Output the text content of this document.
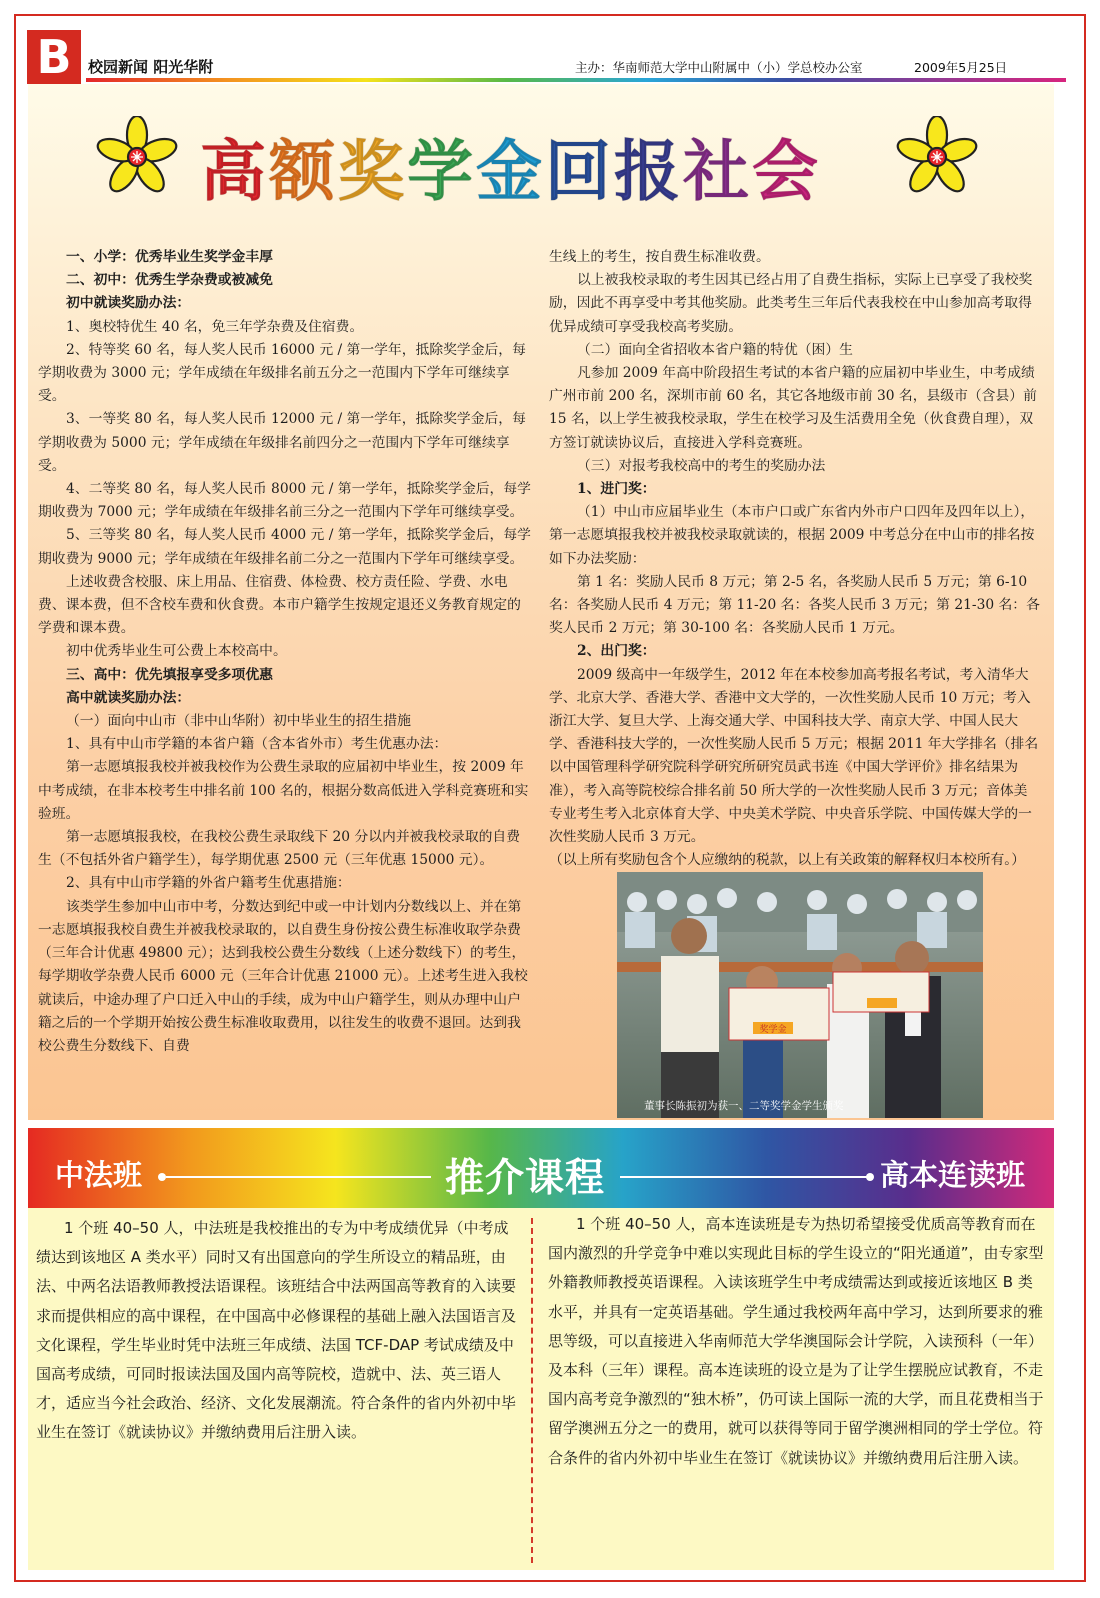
B	校园新闻 阳光华附	主办：华南师范大学中山附属中（小）学总校办公室	2009年5月25日
高额奖学金回报社会

一、小学：优秀毕业生奖学金丰厚

二、初中：优秀生学杂费或被减免

初中就读奖励办法：

1、奥校特优生 40 名，免三年学杂费及住宿费。

2、特等奖 60 名，每人奖人民币 16000 元 / 第一学年，抵除奖学金后，每学期收费为 3000 元；学年成绩在年级排名前五分之一范围内下学年可继续享受。

3、一等奖 80 名，每人奖人民币 12000 元 / 第一学年，抵除奖学金后，每学期收费为 5000 元；学年成绩在年级排名前四分之一范围内下学年可继续享受。

4、二等奖 80 名，每人奖人民币 8000 元 / 第一学年，抵除奖学金后，每学期收费为 7000 元；学年成绩在年级排名前三分之一范围内下学年可继续享受。

5、三等奖 80 名，每人奖人民币 4000 元 / 第一学年，抵除奖学金后，每学期收费为 9000 元；学年成绩在年级排名前二分之一范围内下学年可继续享受。

上述收费含校服、床上用品、住宿费、体检费、校方责任险、学费、水电费、课本费，但不含校车费和伙食费。本市户籍学生按规定退还义务教育规定的学费和课本费。

初中优秀毕业生可公费上本校高中。

三、高中：优先填报享受多项优惠

高中就读奖励办法：

（一）面向中山市（非中山华附）初中毕业生的招生措施

1、具有中山市学籍的本省户籍（含本省外市）考生优惠办法：

第一志愿填报我校并被我校作为公费生录取的应届初中毕业生，按 2009 年中考成绩，在非本校考生中排名前 100 名的，根据分数高低进入学科竞赛班和实验班。

第一志愿填报我校，在我校公费生录取线下 20 分以内并被我校录取的自费生（不包括外省户籍学生），每学期优惠 2500 元（三年优惠 15000 元）。

2、具有中山市学籍的外省户籍考生优惠措施：

该类学生参加中山市中考，分数达到纪中或一中计划内分数线以上、并在第一志愿填报我校自费生并被我校录取的，以自费生身份按公费生标准收取学杂费（三年合计优惠 49800 元）；达到我校公费生分数线（上述分数线下）的考生，每学期收学杂费人民币 6000 元（三年合计优惠 21000 元）。上述考生进入我校就读后，中途办理了户口迁入中山的手续，成为中山户籍学生，则从办理中山户籍之后的一个学期开始按公费生标准收取费用，以往发生的收费不退回。达到我校公费生分数线下、自费

生线上的考生，按自费生标准收费。

以上被我校录取的考生因其已经占用了自费生指标，实际上已享受了我校奖励，因此不再享受中考其他奖励。此类考生三年后代表我校在中山参加高考取得优异成绩可享受我校高考奖励。

（二）面向全省招收本省户籍的特优（困）生

凡参加 2009 年高中阶段招生考试的本省户籍的应届初中毕业生，中考成绩广州市前 200 名，深圳市前 60 名，其它各地级市前 30 名，县级市（含县）前 15 名，以上学生被我校录取，学生在校学习及生活费用全免（伙食费自理），双方签订就读协议后，直接进入学科竞赛班。

（三）对报考我校高中的考生的奖励办法

1、进门奖：

（1）中山市应届毕业生（本市户口或广东省内外市户口四年及四年以上），第一志愿填报我校并被我校录取就读的，根据 2009 中考总分在中山市的排名按如下办法奖励：

第 1 名：奖励人民币 8 万元；第 2-5 名，各奖励人民币 5 万元；第 6-10 名：各奖励人民币 4 万元；第 11-20 名：各奖人民币 3 万元；第 21-30 名：各奖人民币 2 万元；第 30-100 名：各奖励人民币 1 万元。

2、出门奖：

2009 级高中一年级学生，2012 年在本校参加高考报名考试，考入清华大学、北京大学、香港大学、香港中文大学的，一次性奖励人民币 10 万元；考入浙江大学、复旦大学、上海交通大学、中国科技大学、南京大学、中国人民大学、香港科技大学的，一次性奖励人民币 5 万元；根据 2011 年大学排名（排名以中国管理科学研究院科学研究所研究员武书连《中国大学评价》排名结果为准），考入高等院校综合排名前 50 所大学的一次性奖励人民币 3 万元；音体美专业考生考入北京体育大学、中央美术学院、中央音乐学院、中国传媒大学的一次性奖励人民币 3 万元。

（以上所有奖励包含个人应缴纳的税款，以上有关政策的解释权归本校所有。）

奖学金
董事长陈振初为获一、二等奖学金学生颁奖
中法班	推介课程	高本连读班

1 个班 40–50 人，中法班是我校推出的专为中考成绩优异（中考成绩达到该地区 A 类水平）同时又有出国意向的学生所设立的精品班，由法、中两名法语教师教授法语课程。该班结合中法两国高等教育的入读要求而提供相应的高中课程，在中国高中必修课程的基础上融入法国语言及文化课程，学生毕业时凭中法班三年成绩、法国 TCF-DAP 考试成绩及中国高考成绩，可同时报读法国及国内高等院校，造就中、法、英三语人才，适应当今社会政治、经济、文化发展潮流。符合条件的省内外初中毕业生在签订《就读协议》并缴纳费用后注册入读。

1 个班 40–50 人，高本连读班是专为热切希望接受优质高等教育而在国内激烈的升学竞争中难以实现此目标的学生设立的“阳光通道”，由专家型外籍教师教授英语课程。入读该班学生中考成绩需达到或接近该地区 B 类水平，并具有一定英语基础。学生通过我校两年高中学习，达到所要求的雅思等级，可以直接进入华南师范大学华澳国际会计学院，入读预科（一年）及本科（三年）课程。高本连读班的设立是为了让学生摆脱应试教育，不走国内高考竞争激烈的“独木桥”，仍可读上国际一流的大学，而且花费相当于留学澳洲五分之一的费用，就可以获得等同于留学澳洲相同的学士学位。符合条件的省内外初中毕业生在签订《就读协议》并缴纳费用后注册入读。
